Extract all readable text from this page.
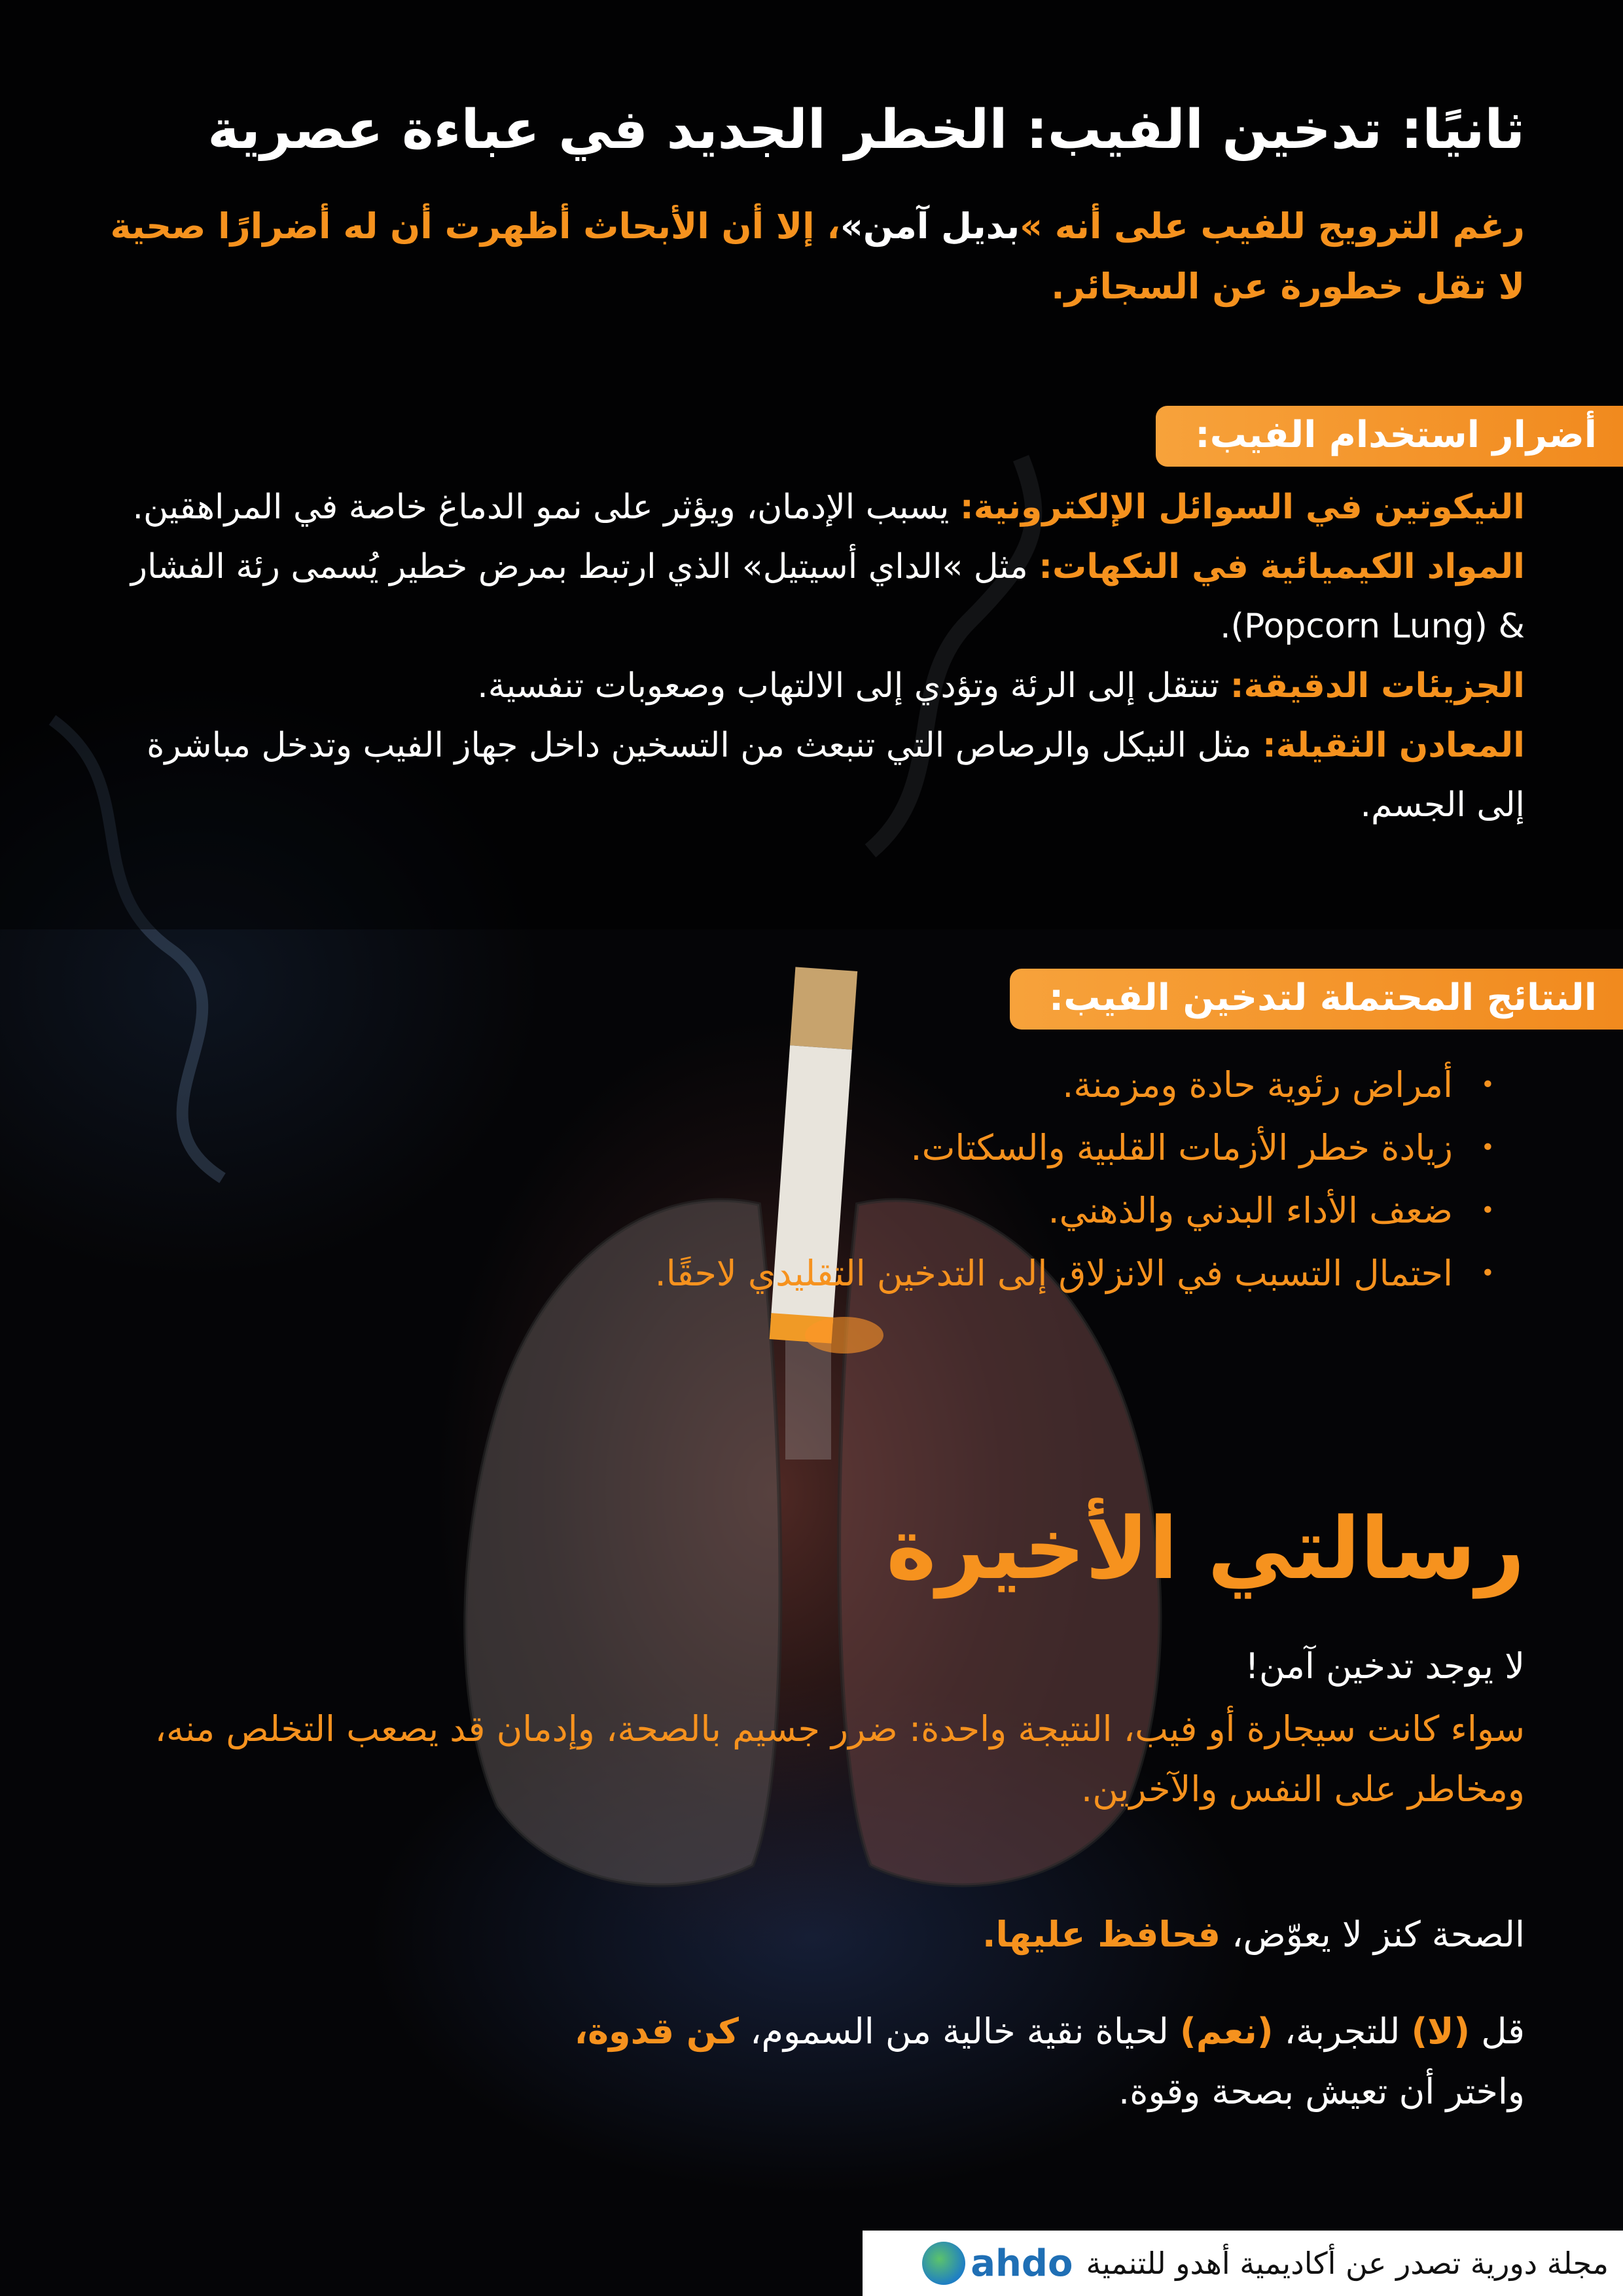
ثانيًا: تدخين الفيب: الخطر الجديد في عباءة عصرية

رغم الترويج للفيب على أنه »بديل آمن»، إلا أن الأبحاث أظهرت أن له أضرارًا صحية لا تقل خطورة عن السجائر.

أضرار استخدام الفيب:

النيكوتين في السوائل الإلكترونية: يسبب الإدمان، ويؤثر على نمو الدماغ خاصة في المراهقين.

المواد الكيميائية في النكهات: مثل »الداي أسيتيل» الذي ارتبط بمرض خطير يُسمى رئة الفشار & (Popcorn Lung).

الجزيئات الدقيقة: تنتقل إلى الرئة وتؤدي إلى الالتهاب وصعوبات تنفسية.

المعادن الثقيلة: مثل النيكل والرصاص التي تنبعث من التسخين داخل جهاز الفيب وتدخل مباشرة إلى الجسم.

النتائج المحتملة لتدخين الفيب:
• أمراض رئوية حادة ومزمنة.
• زيادة خطر الأزمات القلبية والسكتات.
• ضعف الأداء البدني والذهني.
• احتمال التسبب في الانزلاق إلى التدخين التقليدي لاحقًا.
رسالتي الأخيرة

لا يوجد تدخين آمن!

سواء كانت سيجارة أو فيب، النتيجة واحدة: ضرر جسيم بالصحة، وإدمان قد يصعب التخلص منه، ومخاطر على النفس والآخرين.

الصحة كنز لا يعوّض، فحافظ عليها.

قل (لا) للتجربة، (نعم) لحياة نقية خالية من السموم، كن قدوة،
واختر أن تعيش بصحة وقوة.

مجلة دورية تصدر عن أكاديمية أهدو للتنمية
ahdo
